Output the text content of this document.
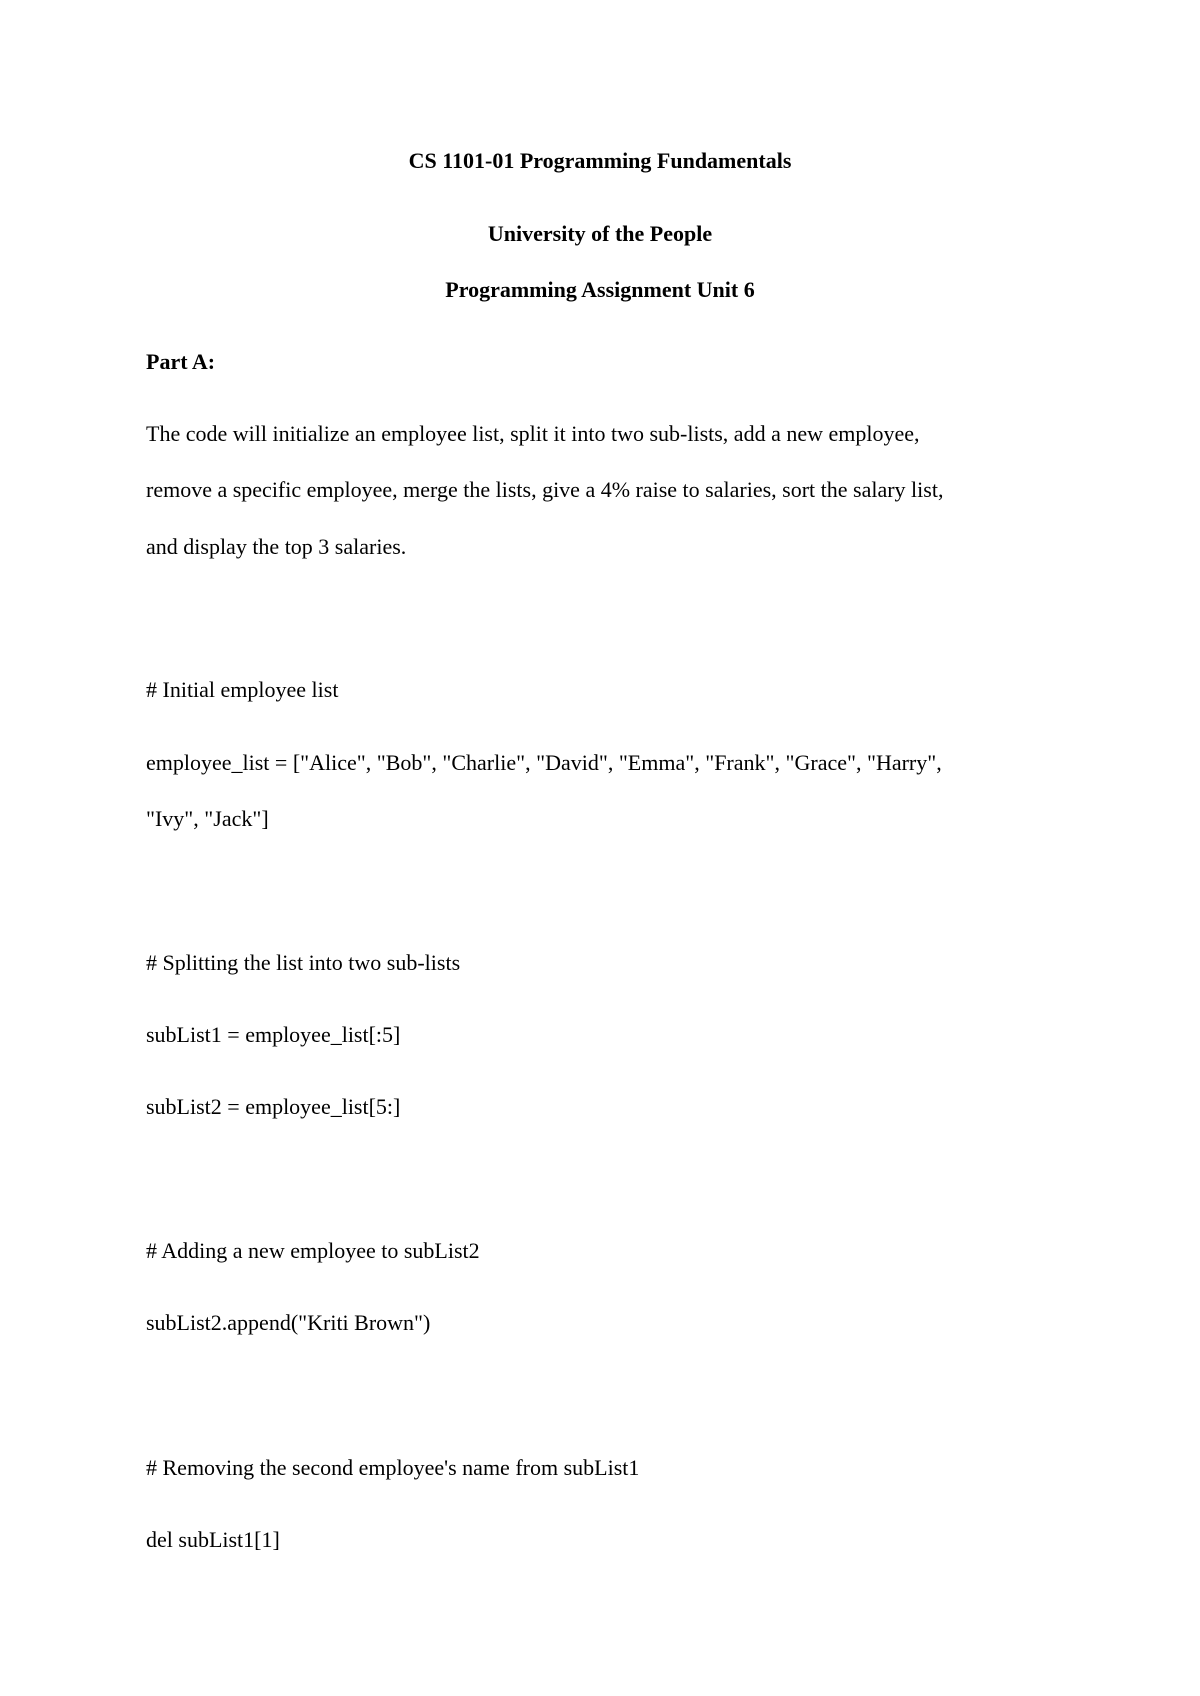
CS 1101-01 Programming Fundamentals
University of the People
Programming Assignment Unit 6
Part A:
The code will initialize an employee list, split it into two sub-lists, add a new employee,
remove a specific employee, merge the lists, give a 4% raise to salaries, sort the salary list,
and display the top 3 salaries.
# Initial employee list
employee_list = ["Alice", "Bob", "Charlie", "David", "Emma", "Frank", "Grace", "Harry",
"Ivy", "Jack"]
# Splitting the list into two sub-lists
subList1 = employee_list[:5]
subList2 = employee_list[5:]
# Adding a new employee to subList2
subList2.append("Kriti Brown")
# Removing the second employee's name from subList1
del subList1[1]
